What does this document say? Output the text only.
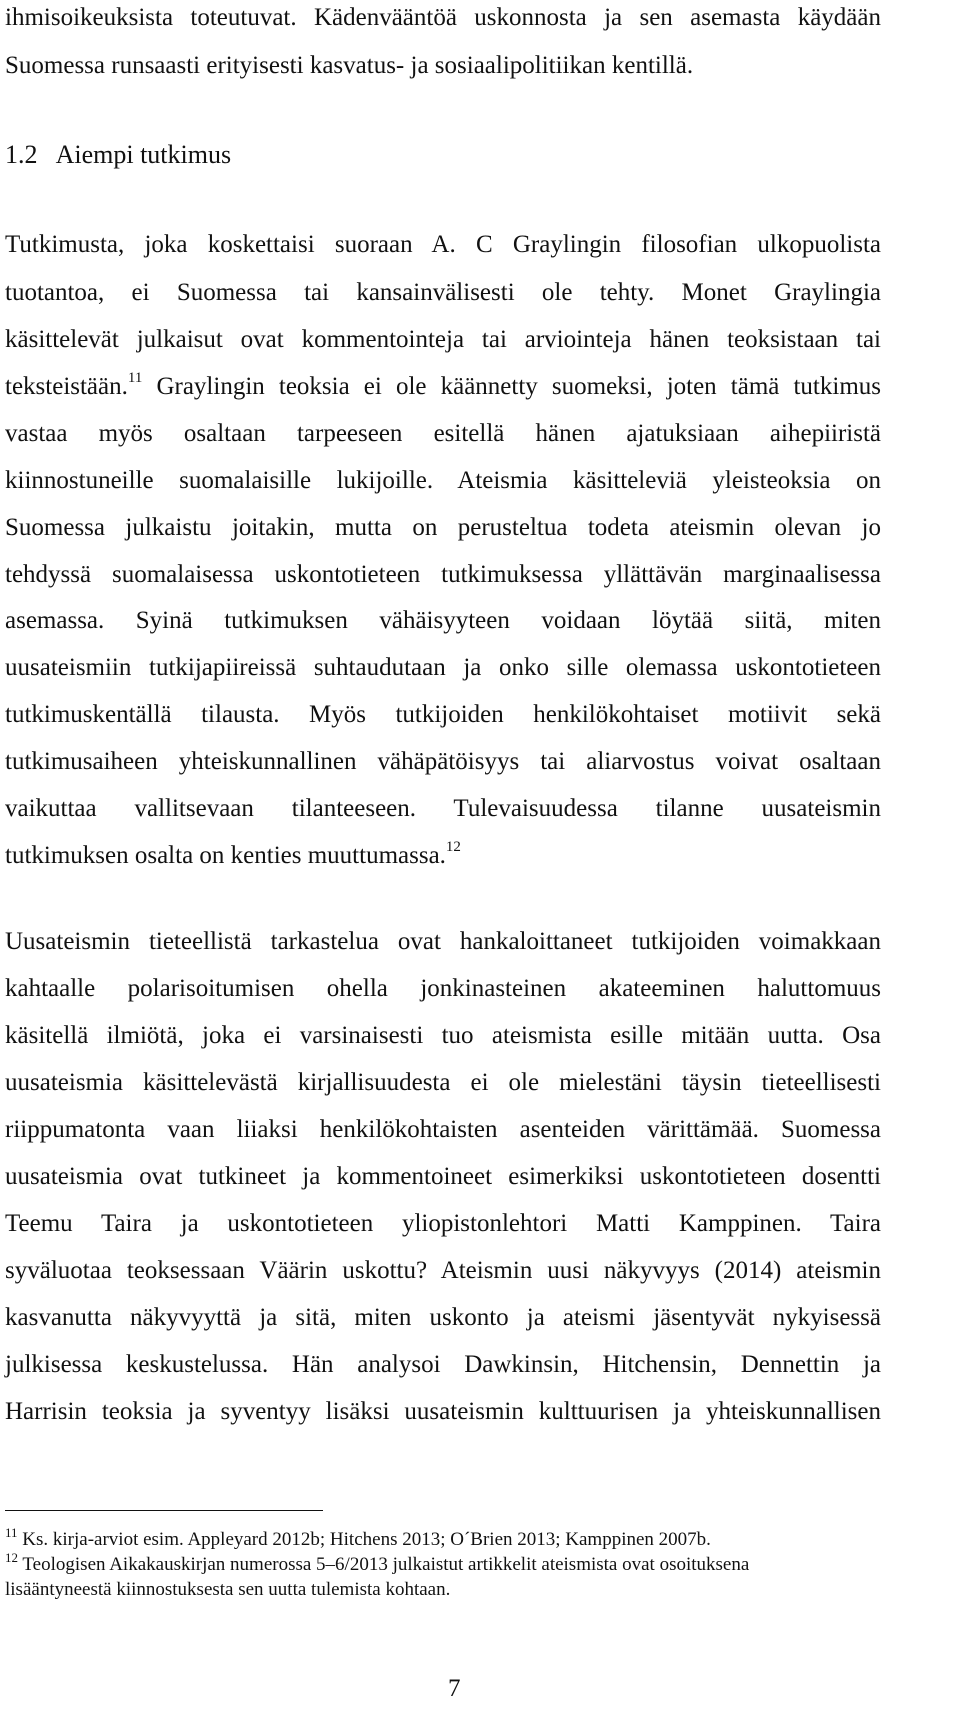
ihmisoikeuksista toteutuvat. Kädenvääntöä uskonnosta ja sen asemasta käydään
Suomessa runsaasti erityisesti kasvatus- ja sosiaalipolitiikan kentillä.
1.2 Aiempi tutkimus
Tutkimusta, joka koskettaisi suoraan A. C Graylingin filosofian ulkopuolista
tuotantoa, ei Suomessa tai kansainvälisesti ole tehty. Monet Graylingia
käsittelevät julkaisut ovat kommentointeja tai arviointeja hänen teoksistaan tai
teksteistään.$^{11}$ Graylingin teoksia ei ole käännetty suomeksi, joten tämä tutkimus
vastaa myös osaltaan tarpeeseen esitellä hänen ajatuksiaan aihepiiristä
kiinnostuneille suomalaisille lukijoille. Ateismia käsitteleviä yleisteoksia on
Suomessa julkaistu joitakin, mutta on perusteltua todeta ateismin olevan jo
tehdyssä suomalaisessa uskontotieteen tutkimuksessa yllättävän marginaalisessa
asemassa. Syinä tutkimuksen vähäisyyteen voidaan löytää siitä, miten
uusateismiin tutkijapiireissä suhtaudutaan ja onko sille olemassa uskontotieteen
tutkimuskentällä tilausta. Myös tutkijoiden henkilökohtaiset motiivit sekä
tutkimusaiheen yhteiskunnallinen vähäpätöisyys tai aliarvostus voivat osaltaan
vaikuttaa vallitsevaan tilanteeseen. Tulevaisuudessa tilanne uusateismin
tutkimuksen osalta on kenties muuttumassa.$^{12}$
Uusateismin tieteellistä tarkastelua ovat hankaloittaneet tutkijoiden voimakkaan
kahtaalle polarisoitumisen ohella jonkinasteinen akateeminen haluttomuus
käsitellä ilmiötä, joka ei varsinaisesti tuo ateismista esille mitään uutta. Osa
uusateismia käsittelevästä kirjallisuudesta ei ole mielestäni täysin tieteellisesti
riippumatonta vaan liiaksi henkilökohtaisten asenteiden värittämää. Suomessa
uusateismia ovat tutkineet ja kommentoineet esimerkiksi uskontotieteen dosentti
Teemu Taira ja uskontotieteen yliopistonlehtori Matti Kamppinen. Taira
syväluotaa teoksessaan Väärin uskottu? Ateismin uusi näkyvyys (2014) ateismin
kasvanutta näkyvyyttä ja sitä, miten uskonto ja ateismi jäsentyvät nykyisessä
julkisessa keskustelussa. Hän analysoi Dawkinsin, Hitchensin, Dennettin ja
Harrisin teoksia ja syventyy lisäksi uusateismin kulttuurisen ja yhteiskunnallisen
$^{11}$ Ks. kirja-arviot esim. Appleyard 2012b; Hitchens 2013; O´Brien 2013; Kamppinen 2007b.
$^{12}$ Teologisen Aikakauskirjan numerossa 5–6/2013 julkaistut artikkelit ateismista ovat osoituksena
lisääntyneestä kiinnostuksesta sen uutta tulemista kohtaan.
7
